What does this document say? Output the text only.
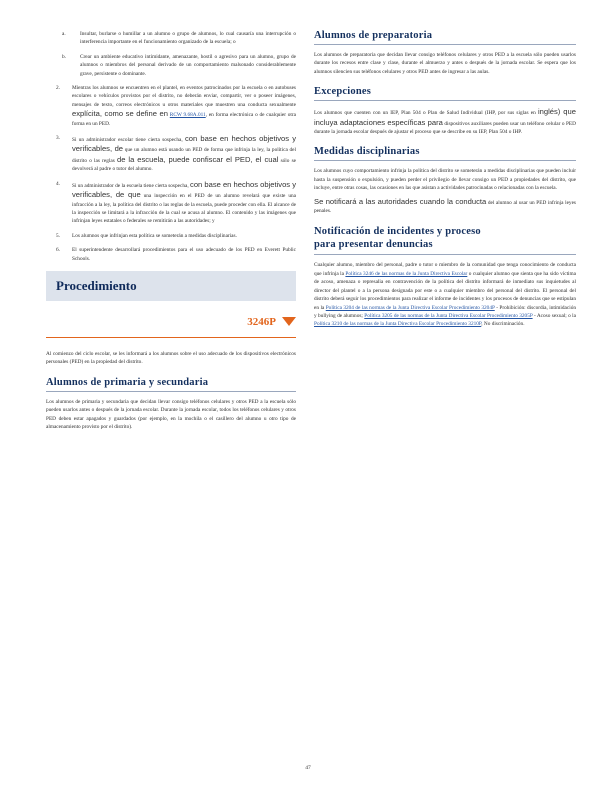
a.	Insultar, burlarse o humillar a un alumno o grupo de alumnos, lo cual causaría una interrupción o interferencia importante en el funcionamiento organizado de la escuela; o

b.	Crear un ambiente educativo intimidante, amenazante, hostil o agresivo para un alumno, grupo de alumnos o miembros del personal derivado de un comportamiento malsonado considerablemente grave, persistente o dominante.

2.	Mientras los alumnos se encuentren en el plantel, en eventos patrocinados por la escuela o en autobuses escolares o vehículos provistos por el distrito, no deberán enviar, compartir, ver o poseer imágenes, mensajes de texto, correos electrónicos u otros materiales que muestren una conducta sexualmente explícita, como se define en RCW 9.68A.011, en forma electrónica o de cualquier otra forma en un PED.

3.	Si un administrador escolar tiene cierta sospecha, con base en hechos objetivos y verificables, de que un alumno está usando un PED de forma que infrinja la ley, la política del distrito o las reglas de la escuela, puede confiscar el PED, el cual sólo se devolverá al padre o tutor del alumno.

4.	Si un administrador de la escuela tiene cierta sospecha, con base en hechos objetivos y verificables, de que una inspección en el PED de un alumno revelará que existe una infracción a la ley, la política del distrito o las reglas de la escuela, puede proceder con ella. El alcance de la inspección se limitará a la infracción de la cual se acusa al alumno. El contenido y las imágenes que infrinjan leyes estatales o federales se remitirán a las autoridades; y

5.	Los alumnos que infrinjan esta política se someterán a medidas disciplinarias.

6.	El superintendente desarrollará procedimientos para el uso adecuado de los PED en Everett Public Schools.

Procedimiento
3246P

Al comienzo del ciclo escolar, se les informará a los alumnos sobre el uso adecuado de los dispositivos electrónicos personales (PED) en la propiedad del distrito.

Alumnos de primaria y secundaria

Los alumnos de primaria y secundaria que decidan llevar consigo teléfonos celulares y otros PED a la escuela sólo pueden usarlos antes o después de la jornada escolar. Durante la jornada escolar, todos los teléfonos celulares y otros PED deben estar apagados y guardados (por ejemplo, en la mochila o el casillero del alumno u otro tipo de almacenamiento provisto por el distrito).

Alumnos de preparatoria

Los alumnos de preparatoria que decidan llevar consigo teléfonos celulares y otros PED a la escuela sólo pueden usarlos durante los recesos entre clase y clase, durante el almuerzo y antes o después de la jornada escolar. Se espera que los alumnos silencien sus teléfonos celulares y otros PED antes de ingresar a las aulas.

Excepciones

Los alumnos que cuenten con un IEP, Plan 504 o Plan de Salud Individual (IHP, por sus siglas en inglés) que incluya adaptaciones específicas para dispositivos auxiliares pueden usar un teléfono celular o PED durante la jornada escolar después de ajustar el proceso que se describe en su IEP, Plan 504 o IHP.

Medidas disciplinarias

Los alumnos cuyo comportamiento infrinja la política del distrito se someterán a medidas disciplinarias que pueden incluir hasta la suspensión o expulsión, y pueden perder el privilegio de llevar consigo un PED a propiedades del distrito, que incluye, entre otras cosas, las ocasiones en las que asistan a actividades patrocinadas o relacionadas con la escuela.

Se notificará a las autoridades cuando la conducta del alumno al usar un PED infrinja leyes penales.

Notificación de incidentes y proceso
para presentar denuncias

Cualquier alumno, miembro del personal, padre o tutor o miembro de la comunidad que tenga conocimiento de conducta que infrinja la Política 3246 de las normas de la Junta Directiva Escolar o cualquier alumno que sienta que ha sido víctima de acoso, amenaza o represalia en contravención de la política del distrito informará de inmediato sus inquietudes al director del plantel o a la persona designada por este o a cualquier miembro del personal del distrito. El personal del distrito deberá seguir los procedimientos para realizar el informe de incidentes y los procesos de denuncias que se estipulan en la Política 3204 de las normas de la Junta Directiva Escolar Procedimiento 3204P - Prohibición: discordia, intimidación y bullying de alumnos; Política 3205 de las normas de la Junta Directiva Escolar Procedimiento 3205P - Acoso sexual; o la Política 3210 de las normas de la Junta Directiva Escolar Procedimiento 3210P, No discriminación.

47
